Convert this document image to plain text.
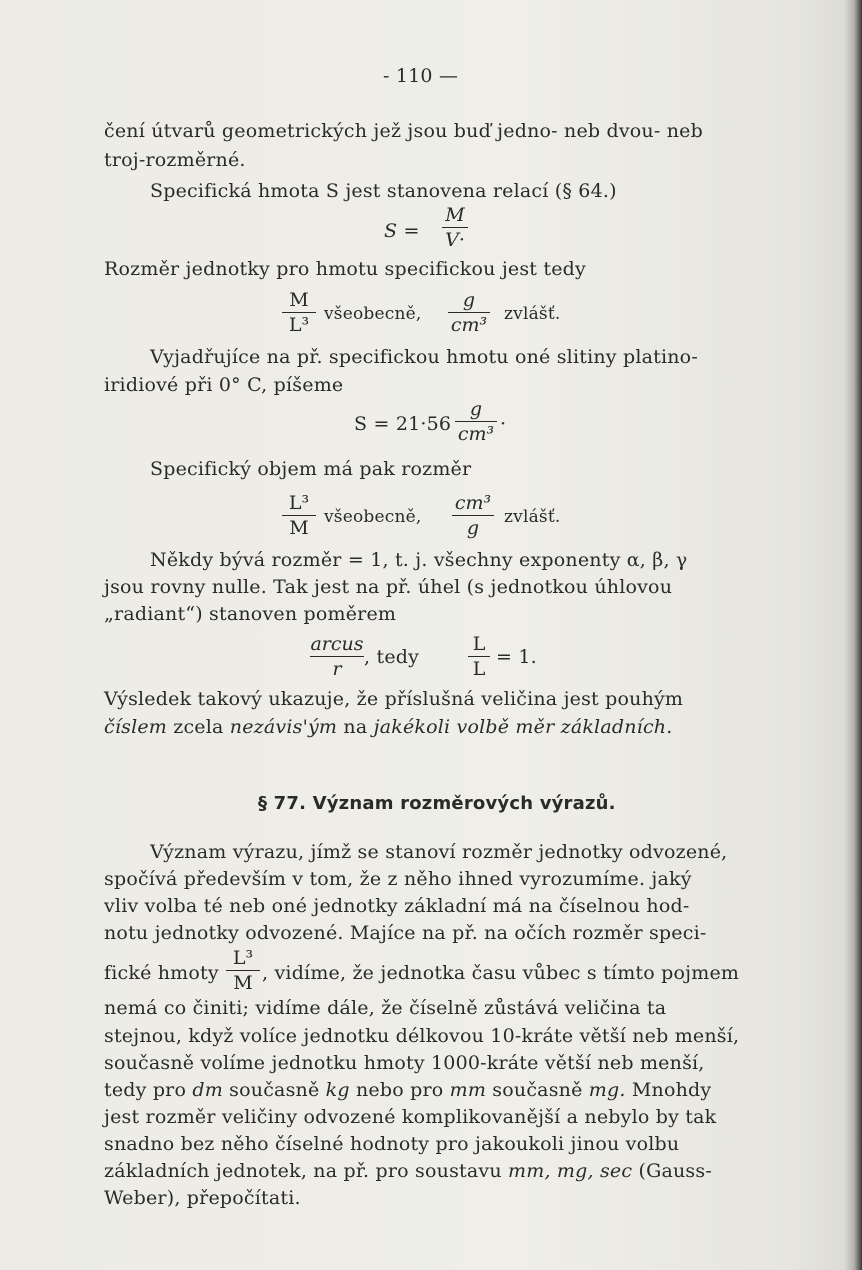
- 110 —
čení útvarů geometrických jež jsou buď jedno- neb dvou- neb
troj-rozměrné.
Specifická hmota S jest stanovena relací (§ 64.)
S =
M
V·
Rozměr jednotky pro hmotu specifickou jest tedy
M
L³ všeobecně,
g
cm³ zvlášť.
Vyjadřujíce na př. specifickou hmotu oné slitiny platino-
iridiové při 0° C, píšeme
S = 21·56
g
cm³ ·
Specifický objem má pak rozměr
L³
M všeobecně,
cm³
g	zvlášť.
Někdy bývá rozměr = 1, t. j. všechny exponenty α, β, γ
jsou rovny nulle. Tak jest na př. úhel (s jednotkou úhlovou
„radiant“) stanoven poměrem
arcus
r
, tedy
L
L
= 1.
Výsledek takový ukazuje, že příslušná veličina jest pouhým
číslem zcela nezávis'ým na jakékoli volbě měr základních.
§ 77. Význam rozměrových výrazů.
Význam výrazu, jímž se stanoví rozměr jednotky odvozené,
spočívá především v tom, že z něho ihned vyrozumíme. jaký
vliv volba té neb oné jednotky základní má na číselnou hod-
notu jednotky odvozené. Majíce na př. na očích rozměr speci-
fické hmoty
L³
M , vidíme, že jednotka času vůbec s tímto pojmem
nemá co činiti; vidíme dále, že číselně zůstává veličina ta
stejnou, když volíce jednotku délkovou 10-kráte větší neb menší,
současně volíme jednotku hmoty 1000-kráte větší neb menší,
tedy pro dm současně kg nebo pro mm současně mg. Mnohdy
jest rozměr veličiny odvozené komplikovanější a nebylo by tak
snadno bez něho číselné hodnoty pro jakoukoli jinou volbu
základních jednotek, na př. pro soustavu mm, mg, sec (Gauss-
Weber), přepočítati.
